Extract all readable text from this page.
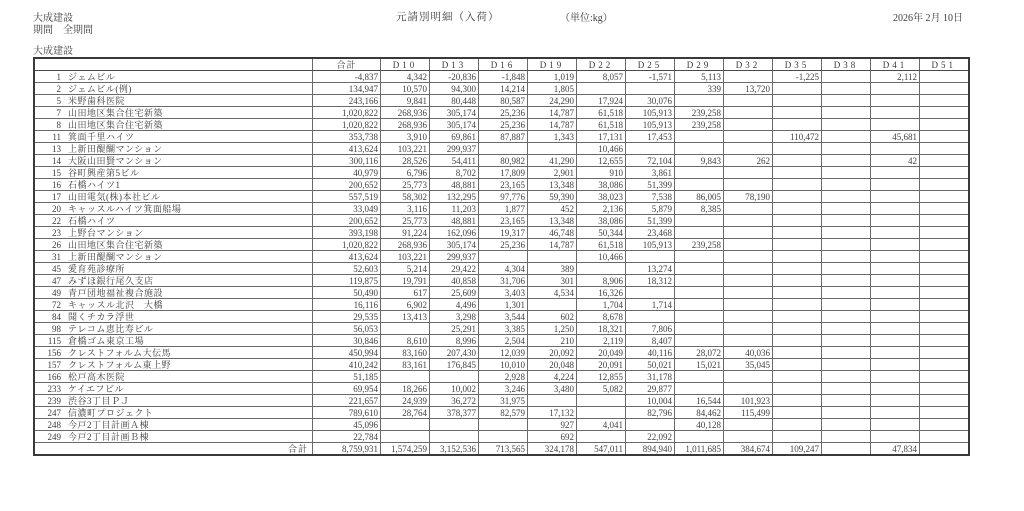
大成建設
期間　 全期間
元請別明細（入荷）	（単位:kg）	2026年 2月 10日
大成建設
	合計	D10	D13	D16	D19	D22	D25	D29	D32	D35	D38	D41	D51
1 ジェムビル	-4,837	4,342	-20,836	-1,848	1,019	8,057	-1,571	5,113		-1,225		2,112	
2 ジェムビル(例)	134,947	10,570	94,300	14,214	1,805			339	13,720				
5 米野歯科医院	243,166	9,841	80,448	80,587	24,290	17,924	30,076						
7 山田地区集合住宅新築	1,020,822	268,936	305,174	25,236	14,787	61,518	105,913	239,258					
8 山田地区集合住宅新築	1,020,822	268,936	305,174	25,236	14,787	61,518	105,913	239,258					
11 箕面千里ハイツ	353,738	3,910	69,861	87,887	1,343	17,131	17,453			110,472		45,681	
13 上新田醍醐マンション	413,624	103,221	299,937			10,466							
14 大阪山田賢マンション	300,116	28,526	54,411	80,982	41,290	12,655	72,104	9,843	262			42	
15 谷町興産第5ビル	40,979	6,796	8,702	17,809	2,901	910	3,861						
16 石橋ハイツ1	200,652	25,773	48,881	23,165	13,348	38,086	51,399						
17 山田電気(株)本社ビル	557,519	58,302	132,295	97,776	59,390	38,023	7,538	86,005	78,190				
20 キャッスルハイツ箕面船場	33,049	3,116	11,203	1,877	452	2,136	5,879	8,385					
22 石橋ハイツ	200,652	25,773	48,881	23,165	13,348	38,086	51,399						
23 上野台マンション	393,198	91,224	162,096	19,317	46,748	50,344	23,468						
26 山田地区集合住宅新築	1,020,822	268,936	305,174	25,236	14,787	61,518	105,913	239,258					
31 上新田醍醐マンション	413,624	103,221	299,937			10,466							
45 愛育苑診療所	52,603	5,214	29,422	4,304	389		13,274						
47 みずほ銀行尾久支店	119,875	19,791	40,858	31,706	301	8,906	18,312						
49 青戸団地福祉複合施設	50,490	617	25,609	3,403	4,534	16,326							
72 キャッスル北沢　大橋	16,116	6,902	4,496	1,301		1,704	1,714						
84 聞くチカラ浮世	29,535	13,413	3,298	3,544	602	8,678							
98 テレコム恵比寿ビル	56,053		25,291	3,385	1,250	18,321	7,806						
115 倉橋ゴム東京工場	30,846	8,610	8,996	2,504	210	2,119	8,407						
156 クレストフォルム大伝馬	450,994	83,160	207,430	12,039	20,092	20,049	40,116	28,072	40,036				
157 クレストフォルム東上野	410,242	83,161	176,845	10,010	20,048	20,091	50,021	15,021	35,045				
166 松戸高木医院	51,185			2,928	4,224	12,855	31,178						
233 ケイエフビル	69,954	18,266	10,002	3,246	3,480	5,082	29,877						
239 渋谷3丁目ＰＪ	221,657	24,939	36,272	31,975			10,004	16,544	101,923				
247 信濃町プロジェクト	789,610	28,764	378,377	82,579	17,132		82,796	84,462	115,499				
248 今戸2丁目計画Ａ棟	45,096				927	4,041		40,128					
249 今戸2丁目計画Ｂ棟	22,784				692		22,092						
合計	8,759,931	1,574,259	3,152,536	713,565	324,178	547,011	894,940	1,011,685	384,674	109,247		47,834	
